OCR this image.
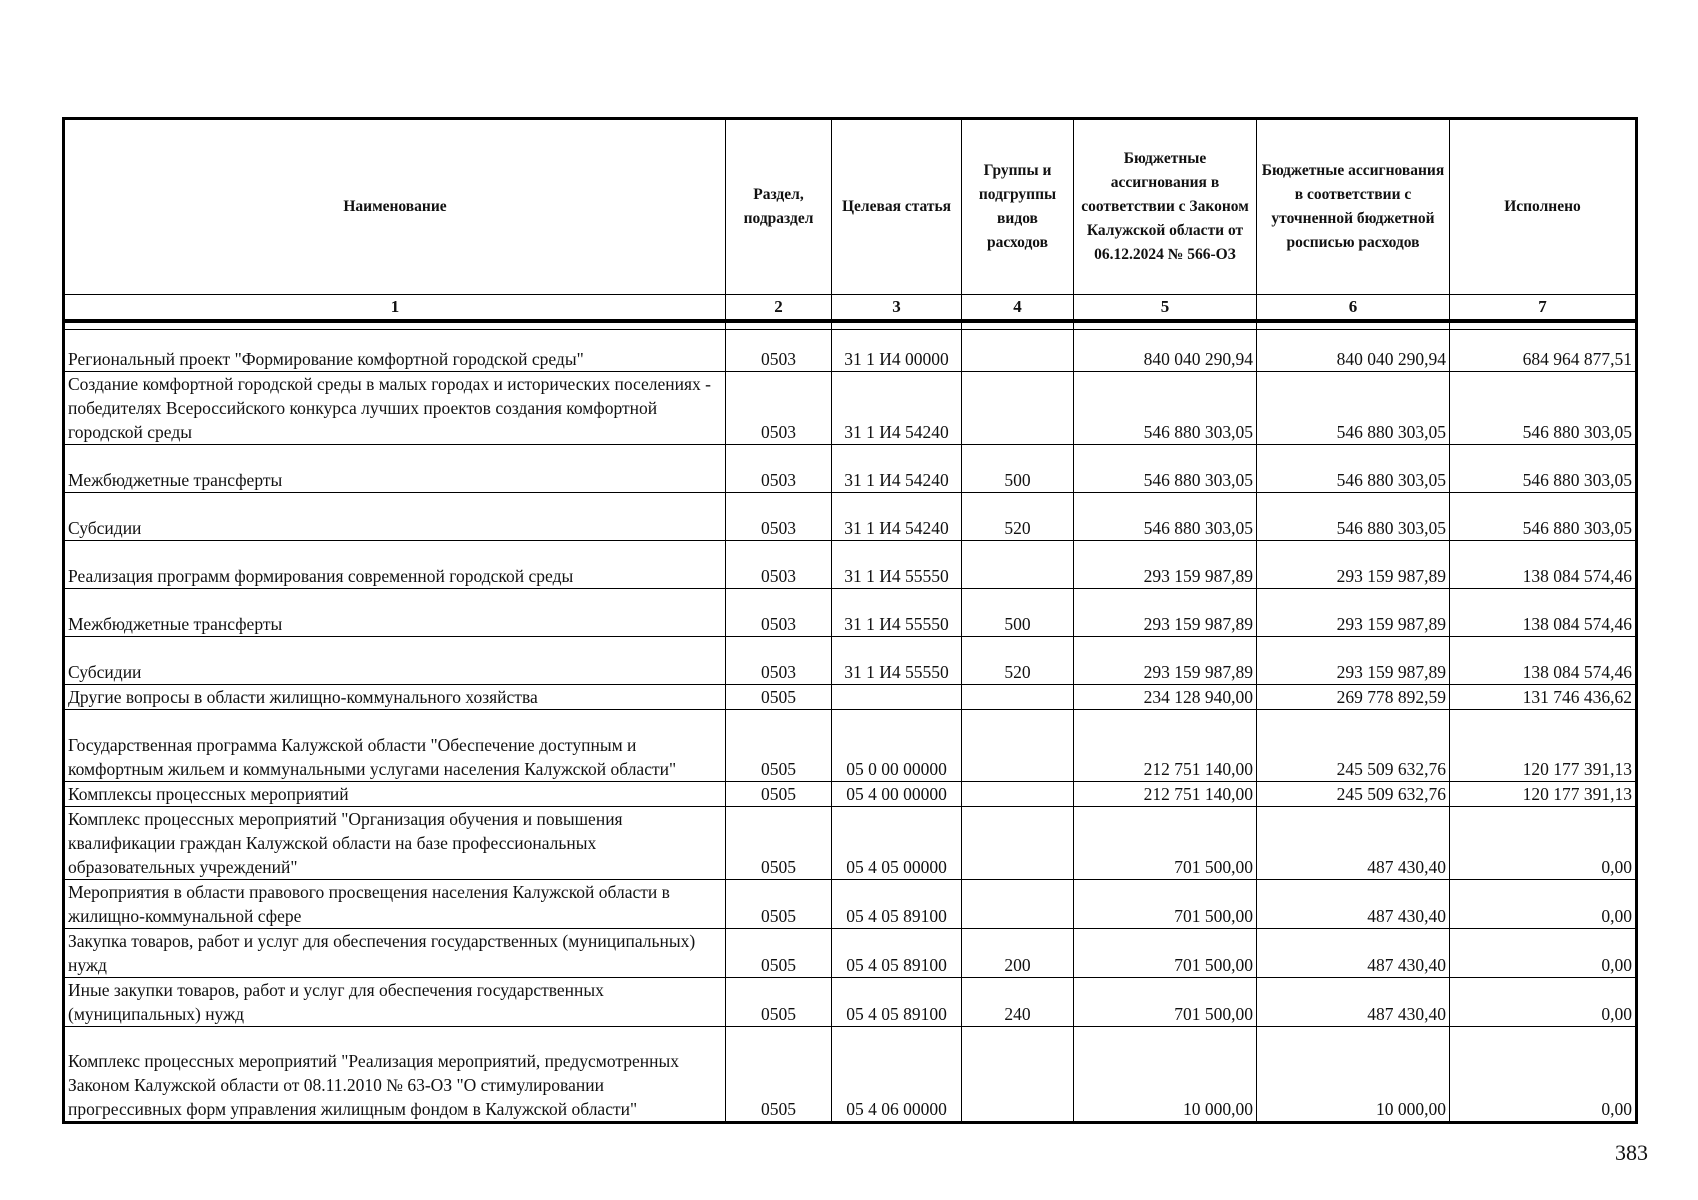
Наименование	Раздел, подраздел	Целевая статья	Группы и подгруппы видов расходов	Бюджетные ассигнования в соответствии с Законом Калужской области от 06.12.2024 № 566-ОЗ	Бюджетные ассигнования в соответствии с уточненной бюджетной росписью расходов	Исполнено
1	2	3	4	5	6	7

Региональный проект "Формирование комфортной городской среды"	0503	31 1 И4 00000		840 040 290,94	840 040 290,94	684 964 877,51
Создание комфортной городской среды в малых городах и исторических поселениях - победителях Всероссийского конкурса лучших проектов создания комфортной городской среды	0503	31 1 И4 54240		546 880 303,05	546 880 303,05	546 880 303,05
Межбюджетные трансферты	0503	31 1 И4 54240	500	546 880 303,05	546 880 303,05	546 880 303,05
Субсидии	0503	31 1 И4 54240	520	546 880 303,05	546 880 303,05	546 880 303,05
Реализация программ формирования современной городской среды	0503	31 1 И4 55550		293 159 987,89	293 159 987,89	138 084 574,46
Межбюджетные трансферты	0503	31 1 И4 55550	500	293 159 987,89	293 159 987,89	138 084 574,46
Субсидии	0503	31 1 И4 55550	520	293 159 987,89	293 159 987,89	138 084 574,46
Другие вопросы в области жилищно-коммунального хозяйства	0505			234 128 940,00	269 778 892,59	131 746 436,62
Государственная программа Калужской области "Обеспечение доступным и комфортным жильем и коммунальными услугами населения Калужской области"	0505	05 0 00 00000		212 751 140,00	245 509 632,76	120 177 391,13
Комплексы процессных мероприятий	0505	05 4 00 00000		212 751 140,00	245 509 632,76	120 177 391,13
Комплекс процессных мероприятий "Организация обучения и повышения квалификации граждан Калужской области на базе профессиональных образовательных учреждений"	0505	05 4 05 00000		701 500,00	487 430,40	0,00
Мероприятия в области правового просвещения населения Калужской области в жилищно-коммунальной сфере	0505	05 4 05 89100		701 500,00	487 430,40	0,00
Закупка товаров, работ и услуг для обеспечения государственных (муниципальных) нужд	0505	05 4 05 89100	200	701 500,00	487 430,40	0,00
Иные закупки товаров, работ и услуг для обеспечения государственных (муниципальных) нужд	0505	05 4 05 89100	240	701 500,00	487 430,40	0,00
Комплекс процессных мероприятий "Реализация мероприятий, предусмотренных Законом Калужской области от 08.11.2010 № 63-ОЗ "О стимулировании прогрессивных форм управления жилищным фондом в Калужской области"	0505	05 4 06 00000		10 000,00	10 000,00	0,00
383
